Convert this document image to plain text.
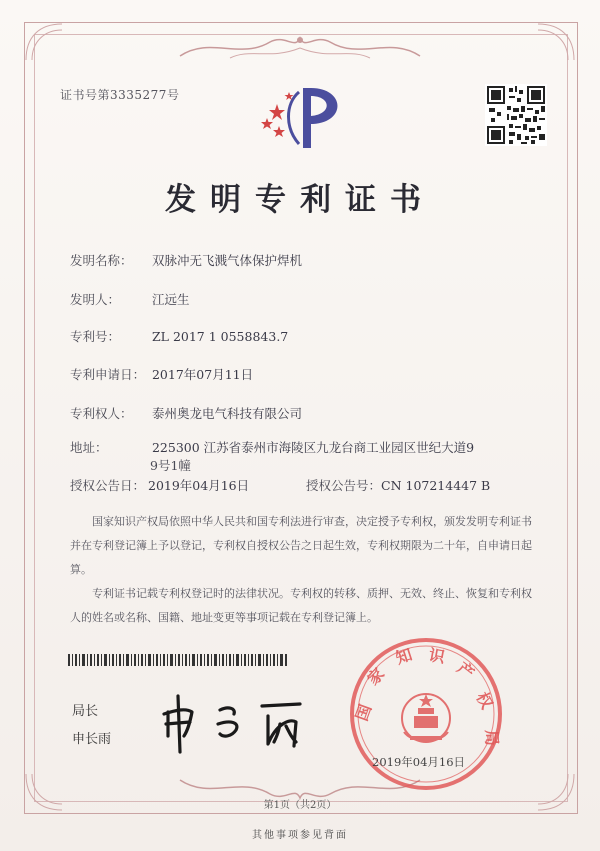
证书号第3335277号
发明专利证书
发明名称： 双脉冲无飞溅气体保护焊机
发明人：	江远生
专利号：	ZL 2017 1 0558843.7
专利申请日： 2017年07月11日
专利权人： 泰州奥龙电气科技有限公司
地址：	225300 江苏省泰州市海陵区九龙台商工业园区世纪大道9
9号1幢
授权公告日： 2019年04月16日	授权公告号：CN 107214447 B
国家知识产权局依照中华人民共和国专利法进行审查，决定授予专利权，颁发发明专利证书并在专利登记簿上予以登记，专利权自授权公告之日起生效，专利权期限为二十年，自申请日起算。
专利证书记载专利权登记时的法律状况。专利权的转移、质押、无效、终止、恢复和专利权人的姓名或名称、国籍、地址变更等事项记载在专利登记簿上。
局长
申长雨
国
家
知 识
产
权
局
2019年04月16日
第1页（共2页）
其他事项参见背面
